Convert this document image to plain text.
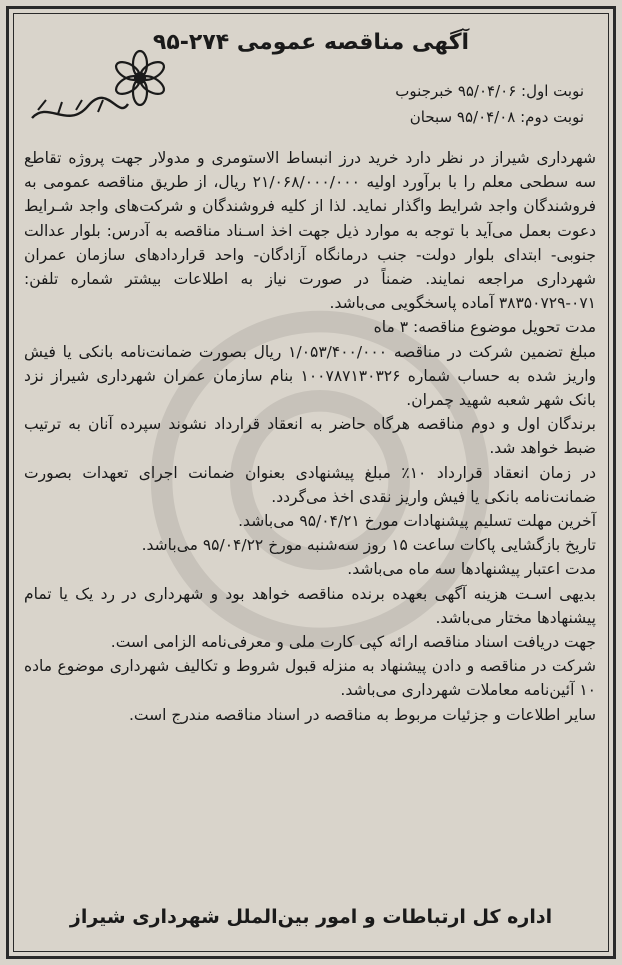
آگهی مناقصه عمومی ۲۷۴-۹۵
نوبت اول: ۹۵/۰۴/۰۶ خبرجنوب
نوبت دوم: ۹۵/۰۴/۰۸ سبحان

شهرداری شیراز در نظر دارد خرید درز انبساط الاستومری و مدولار جهت پروژه تقاطع سه سطحی معلم را با برآورد اولیه ۲۱/۰۶۸/۰۰۰/۰۰۰ ریال، از طریق مناقصه عمومی به فروشندگان واجد شرایط واگذار نماید. لذا از کلیه فروشندگان و شرکت‌های واجد شـرایط دعوت بعمل می‌آید با توجه به موارد ذیل جهت اخذ اسـناد مناقصه به آدرس: بلوار عدالت جنوبی- ابتدای بلوار دولت- جنب درمانگاه آزادگان- واحد قراردادهای سازمان عمران شهرداری مراجعه نمایند. ضمناً در صورت نیاز به اطلاعات بیشتر شماره تلفن: ۰۷۱-۳۸۳۵۰۷۲۹ آماده پاسخگویی می‌باشد.

مدت تحویل موضوع مناقصه: ۳ ماه

مبلغ تضمین شرکت در مناقصه ۱/۰۵۳/۴۰۰/۰۰۰ ریال بصورت ضمانت‌نامه بانکی یا فیش واریز شده به حساب شماره ۱۰۰۷۸۷۱۳۰۳۲۶ بنام سازمان عمران شهرداری شیراز نزد بانک شهر شعبه شهید چمران.

برندگان اول و دوم مناقصه هرگاه حاضر به انعقاد قرارداد نشوند سپرده آنان به ترتیب ضبط خواهد شد.

در زمان انعقاد قرارداد ۱۰٪ مبلغ پیشنهادی بعنوان ضمانت اجرای تعهدات بصورت ضمانت‌نامه بانکی یا فیش واریز نقدی اخذ می‌گردد.

آخرین مهلت تسلیم پیشنهادات مورخ ۹۵/۰۴/۲۱ می‌باشد.

تاریخ بازگشایی پاکات ساعت ۱۵ روز سه‌شنبه مورخ ۹۵/۰۴/۲۲ می‌باشد.

مدت اعتبار پیشنهادها سه ماه می‌باشد.

بدیهی اسـت هزینه آگهی بعهده برنده مناقصه خواهد بود و شهرداری در رد یک یا تمام پیشنهادها مختار می‌باشد.

جهت دریافت اسناد مناقصه ارائه کپی کارت ملی و معرفی‌نامه الزامی است.

شرکت در مناقصه و دادن پیشنهاد به منزله قبول شروط و تکالیف شهرداری موضوع ماده ۱۰ آئین‌نامه معاملات شهرداری می‌باشد.

سایر اطلاعات و جزئیات مربوط به مناقصه در اسناد مناقصه مندرج است.

اداره کل ارتباطات و امور بین‌الملل شهرداری شیراز
